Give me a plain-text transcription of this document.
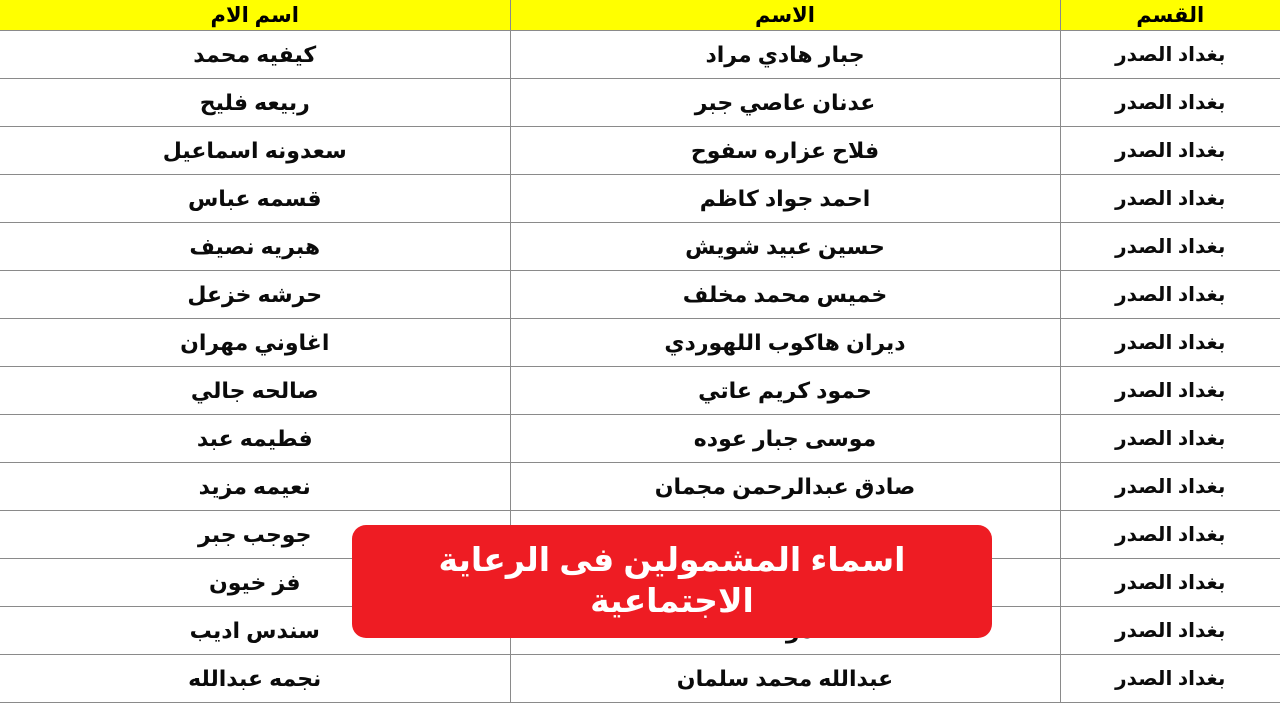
القسم	الاسم	اسم الام
بغداد الصدر	جبار هادي مراد	كيفيه محمد
بغداد الصدر	عدنان عاصي جبر	ربيعه فليح
بغداد الصدر	فلاح عزاره سفوح	سعدونه اسماعيل
بغداد الصدر	احمد جواد كاظم	قسمه عباس
بغداد الصدر	حسين عبيد شويش	هبريه نصيف
بغداد الصدر	خميس محمد مخلف	حرشه خزعل
بغداد الصدر	ديران هاكوب اللهوردي	اغاوني مهران
بغداد الصدر	حمود كريم عاتي	صالحه جالي
بغداد الصدر	موسى جبار عوده	فطيمه عبد
بغداد الصدر	صادق عبدالرحمن مجمان	نعيمه مزيد
بغداد الصدر		جوجب جبر
بغداد الصدر		فز خيون
بغداد الصدر		سندس اديب
بغداد الصدر	عبدالله محمد سلمان	نجمه عبدالله
اسماء المشمولين فى الرعاية الاجتماعية
